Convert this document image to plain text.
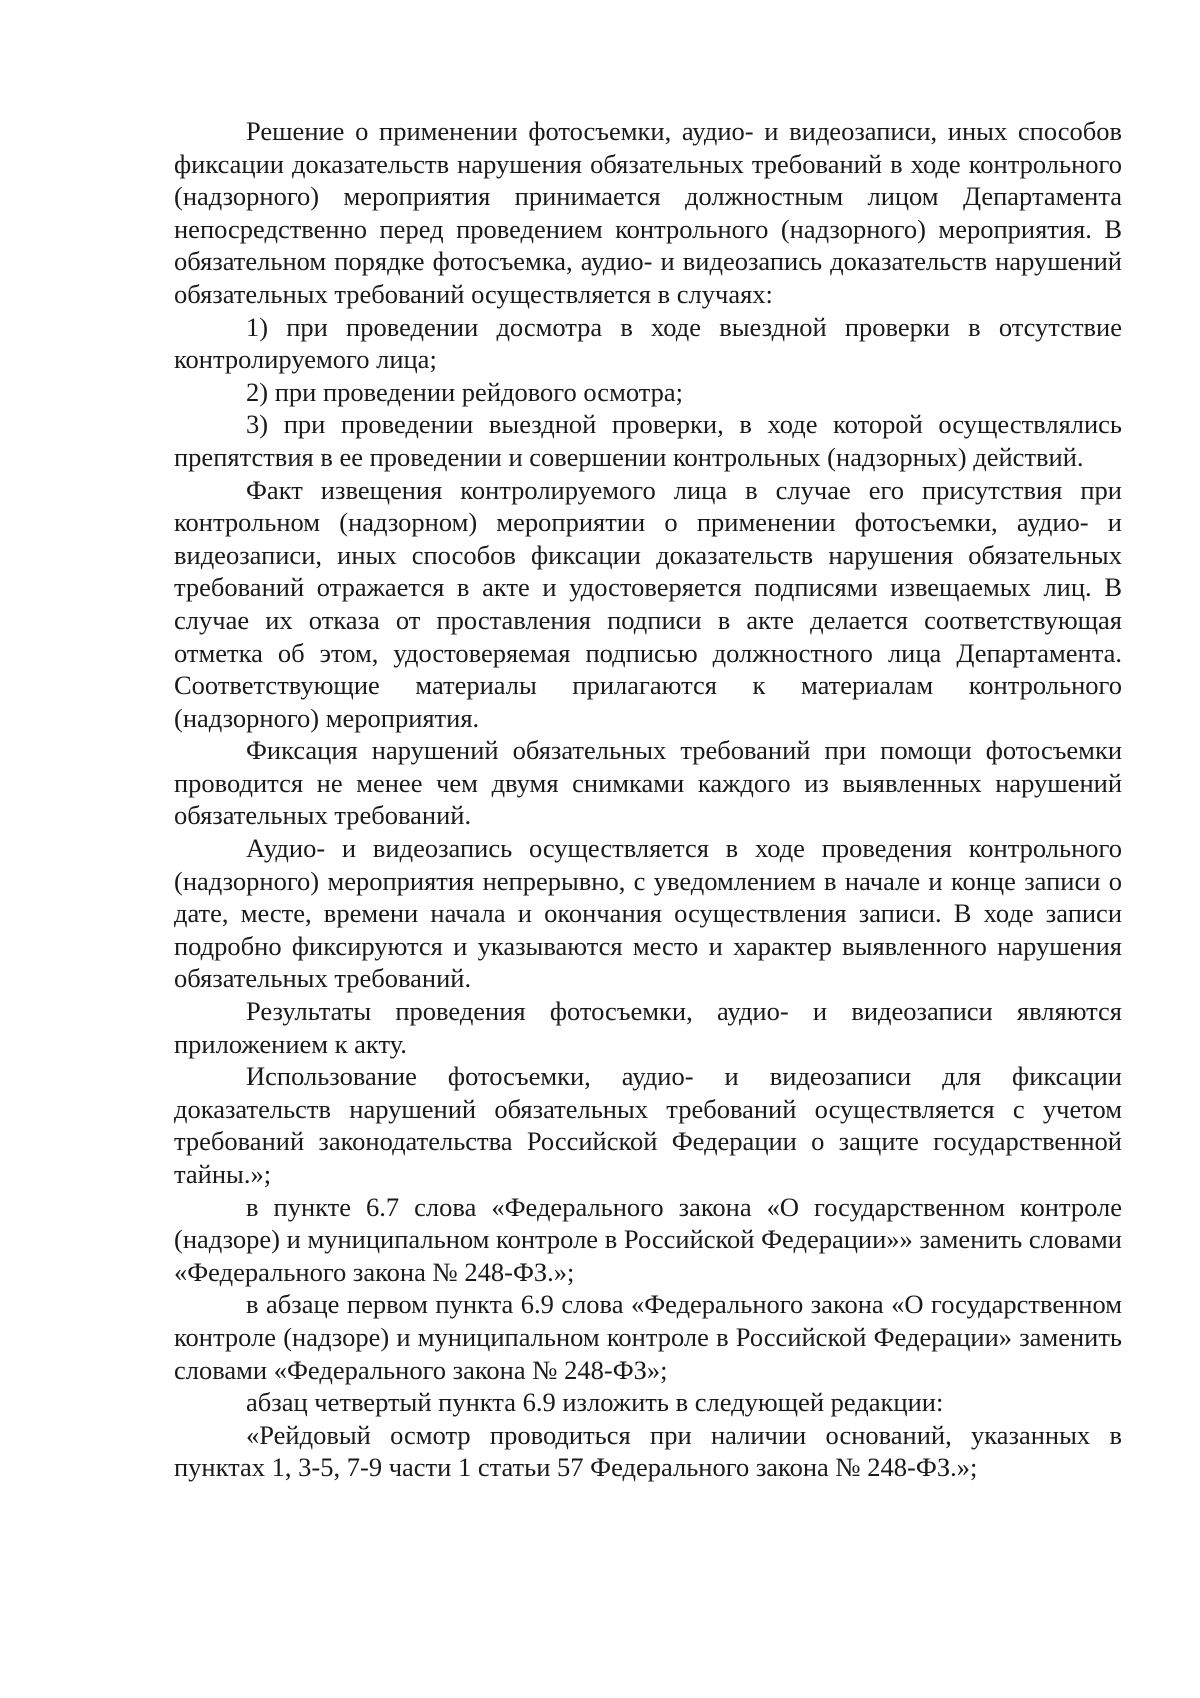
Решение о применении фотосъемки, аудио- и видеозаписи, иных способов фиксации доказательств нарушения обязательных требований в ходе контрольного (надзорного) мероприятия принимается должностным лицом Департамента непосредственно перед проведением контрольного (надзорного) мероприятия. В обязательном порядке фотосъемка, аудио- и видеозапись доказательств нарушений обязательных требований осуществляется в случаях:

1) при проведении досмотра в ходе выездной проверки в отсутствие контролируемого лица;

2) при проведении рейдового осмотра;

3) при проведении выездной проверки, в ходе которой осуществлялись препятствия в ее проведении и совершении контрольных (надзорных) действий.

Факт извещения контролируемого лица в случае его присутствия при контрольном (надзорном) мероприятии о применении фотосъемки, аудио- и видеозаписи, иных способов фиксации доказательств нарушения обязательных требований отражается в акте и удостоверяется подписями извещаемых лиц. В случае их отказа от проставления подписи в акте делается соответствующая отметка об этом, удостоверяемая подписью должностного лица Департамента. Соответствующие материалы прилагаются к материалам контрольного (надзорного) мероприятия.

Фиксация нарушений обязательных требований при помощи фотосъемки проводится не менее чем двумя снимками каждого из выявленных нарушений обязательных требований.

Аудио- и видеозапись осуществляется в ходе проведения контрольного (надзорного) мероприятия непрерывно, с уведомлением в начале и конце записи о дате, месте, времени начала и окончания осуществления записи. В ходе записи подробно фиксируются и указываются место и характер выявленного нарушения обязательных требований.

Результаты проведения фотосъемки, аудио- и видеозаписи являются приложением к акту.

Использование фотосъемки, аудио- и видеозаписи для фиксации доказательств нарушений обязательных требований осуществляется с учетом требований законодательства Российской Федерации о защите государственной тайны.»;

в пункте 6.7 слова «Федерального закона «О государственном контроле (надзоре) и муниципальном контроле в Российской Федерации»» заменить словами «Федерального закона № 248-ФЗ.»;

в абзаце первом пункта 6.9 слова «Федерального закона «О государственном контроле (надзоре) и муниципальном контроле в Российской Федерации» заменить словами «Федерального закона № 248-ФЗ»;

абзац четвертый пункта 6.9 изложить в следующей редакции:

«Рейдовый осмотр проводиться при наличии оснований, указанных в пунктах 1, 3-5, 7-9 части 1 статьи 57 Федерального закона № 248-ФЗ.»;
